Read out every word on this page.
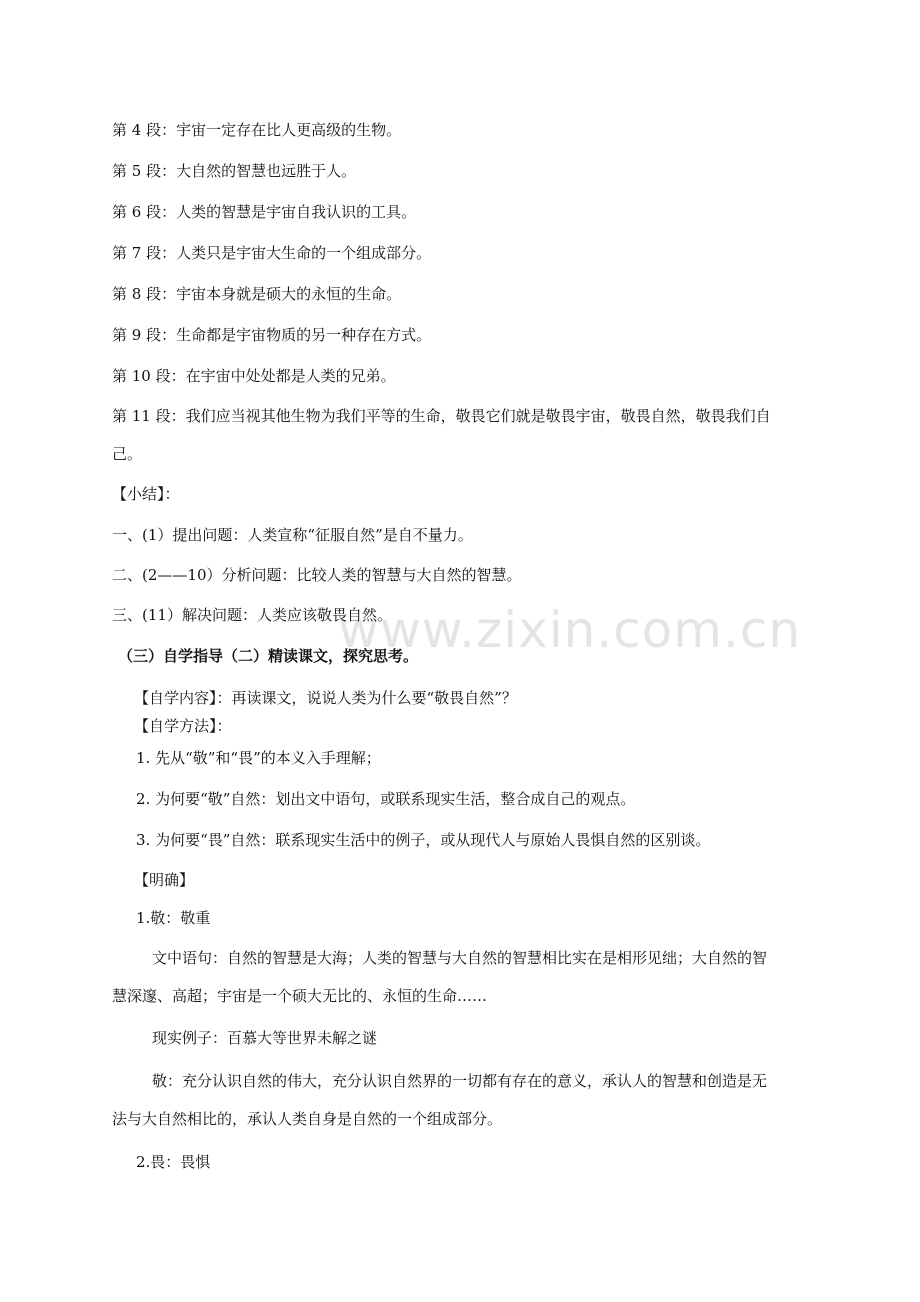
www.zixin.com.cn
第 4 段：宇宙一定存在比人更高级的生物。
第 5 段：大自然的智慧也远胜于人。
第 6 段：人类的智慧是宇宙自我认识的工具。
第 7 段：人类只是宇宙大生命的一个组成部分。
第 8 段：宇宙本身就是硕大的永恒的生命。
第 9 段：生命都是宇宙物质的另一种存在方式。
第 10 段：在宇宙中处处都是人类的兄弟。
第 11 段：我们应当视其他生物为我们平等的生命，敬畏它们就是敬畏宇宙，敬畏自然，敬畏我们自
己。
【小结】：
一、(1）提出问题：人类宣称“征服自然”是自不量力。
二、(2——10）分析问题：比较人类的智慧与大自然的智慧。
三、(11）解决问题：人类应该敬畏自然。
（三）自学指导（二）精读课文，探究思考。
【自学内容】：再读课文，说说人类为什么要“敬畏自然”？
【自学方法】：
1. 先从“敬”和“畏”的本义入手理解；
2. 为何要“敬”自然：划出文中语句，或联系现实生活，整合成自己的观点。
3. 为何要“畏”自然：联系现实生活中的例子，或从现代人与原始人畏惧自然的区别谈。
【明确】
1.敬：敬重
文中语句：自然的智慧是大海；人类的智慧与大自然的智慧相比实在是相形见绌；大自然的智
慧深邃、高超；宇宙是一个硕大无比的、永恒的生命……
现实例子：百慕大等世界未解之谜
敬：充分认识自然的伟大，充分认识自然界的一切都有存在的意义，承认人的智慧和创造是无
法与大自然相比的，承认人类自身是自然的一个组成部分。
2.畏：畏惧
